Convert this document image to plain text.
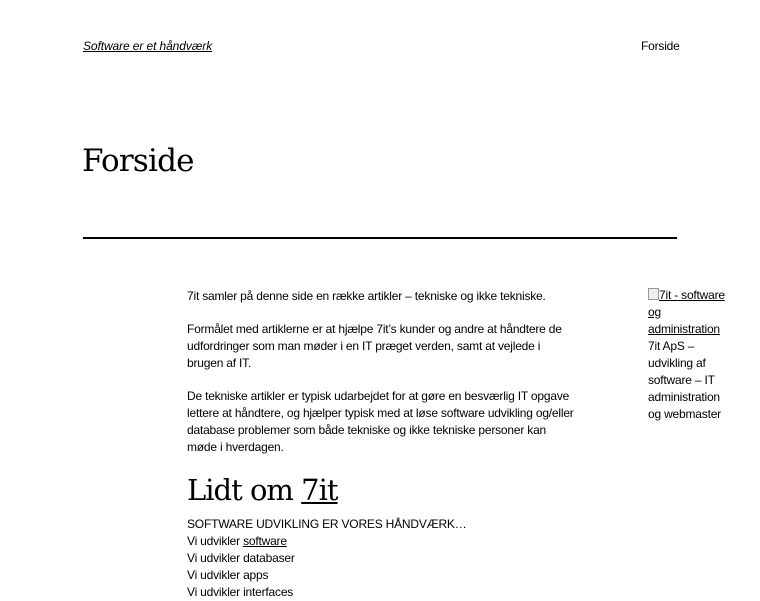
Software er et håndværk	Forside
Forside

7it samler på denne side en række artikler – tekniske og ikke tekniske.

Formålet med artiklerne er at hjælpe 7it’s kunder og andre at håndtere de udfordringer som man møder i en IT præget verden, samt at vejlede i brugen af IT.

De tekniske artikler er typisk udarbejdet for at gøre en besværlig IT opgave lettere at håndtere, og hjælper typisk med at løse software udvikling og/eller database problemer som både tekniske og ikke tekniske personer kan møde i hverdagen.

Lidt om 7it
SOFTWARE UDVIKLING ER VORES HÅNDVÆRK…
Vi udvikler software
Vi udvikler databaser
Vi udvikler apps
Vi udvikler interfaces
7it - software og administration
7it ApS – udvikling af software – IT administration og webmaster
